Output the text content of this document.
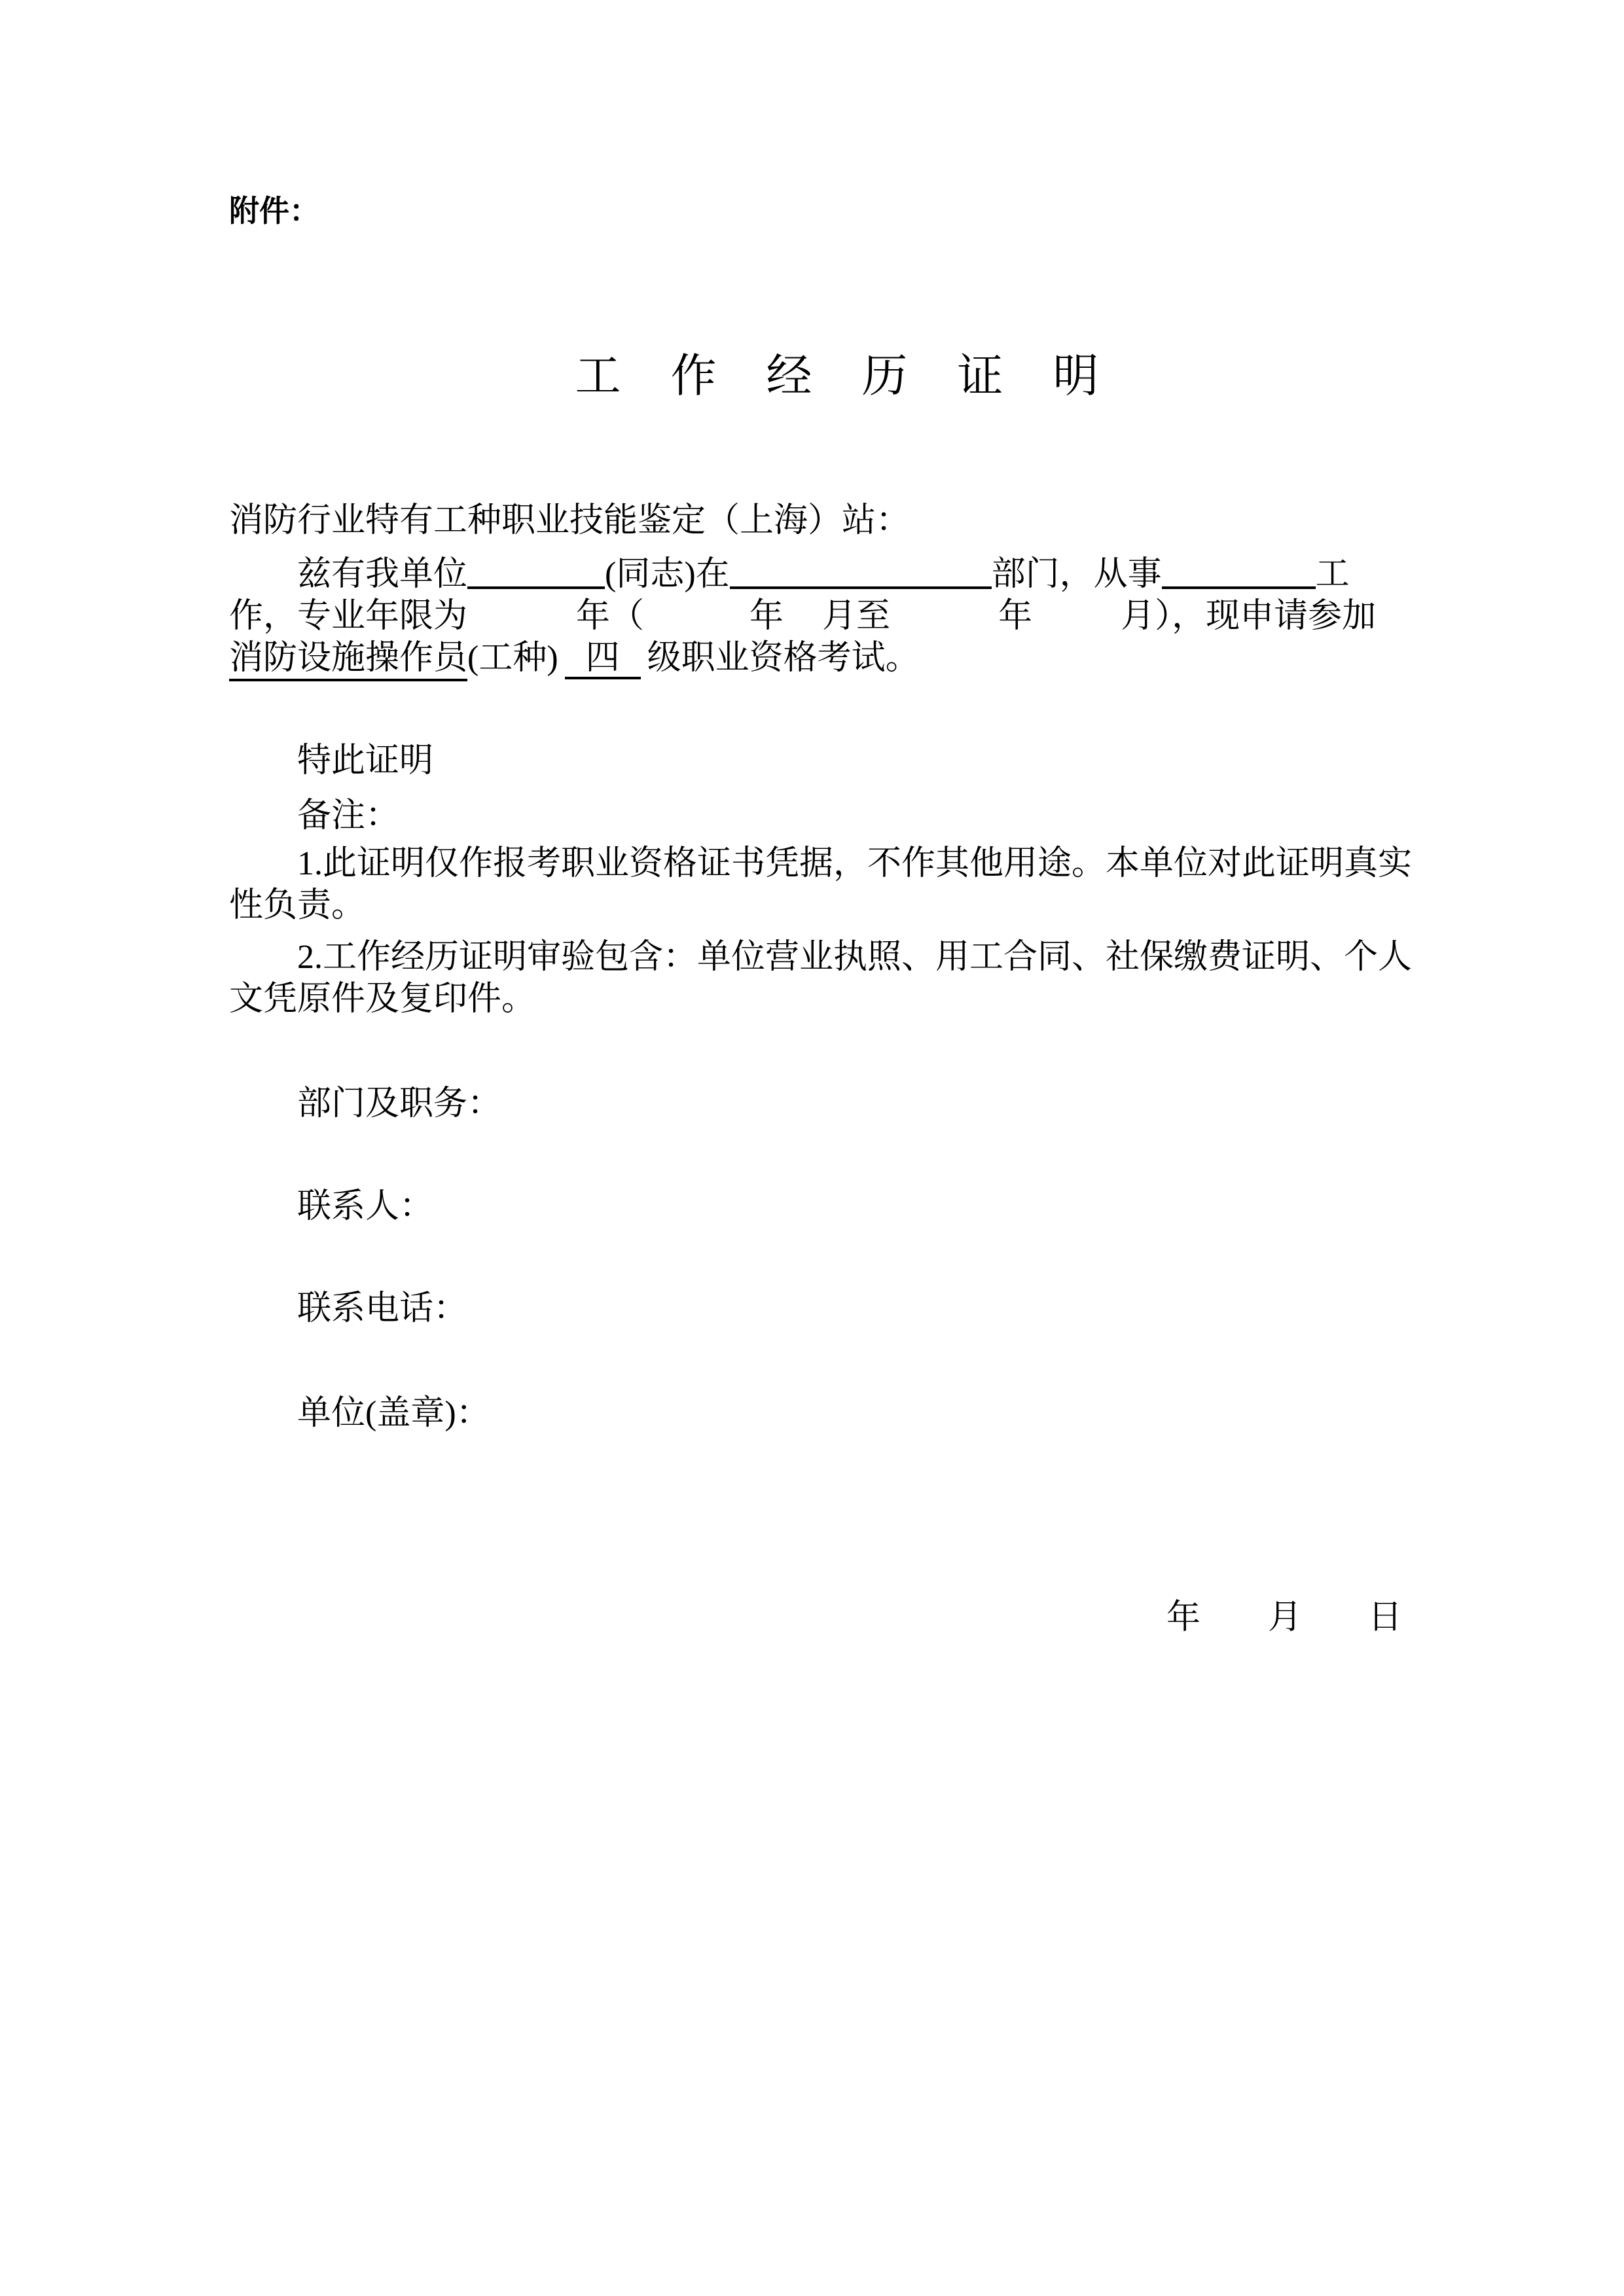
附件：
工作经历证明
消防行业特有工种职业技能鉴定（上海）站：
兹有我单位	(同志)在	部门，从事	工
作，专业年限为	年（	年 月至	年	月），现申请参加
消防设施操作员(工种) 四 级职业资格考试。
特此证明
备注：
1.此证明仅作报考职业资格证书凭据，不作其他用途。本单位对此证明真实
性负责。
2.工作经历证明审验包含：单位营业执照、用工合同、社保缴费证明、个人
文凭原件及复印件。
部门及职务：
联系人：
联系电话：
单位(盖章)：
年 月 日
